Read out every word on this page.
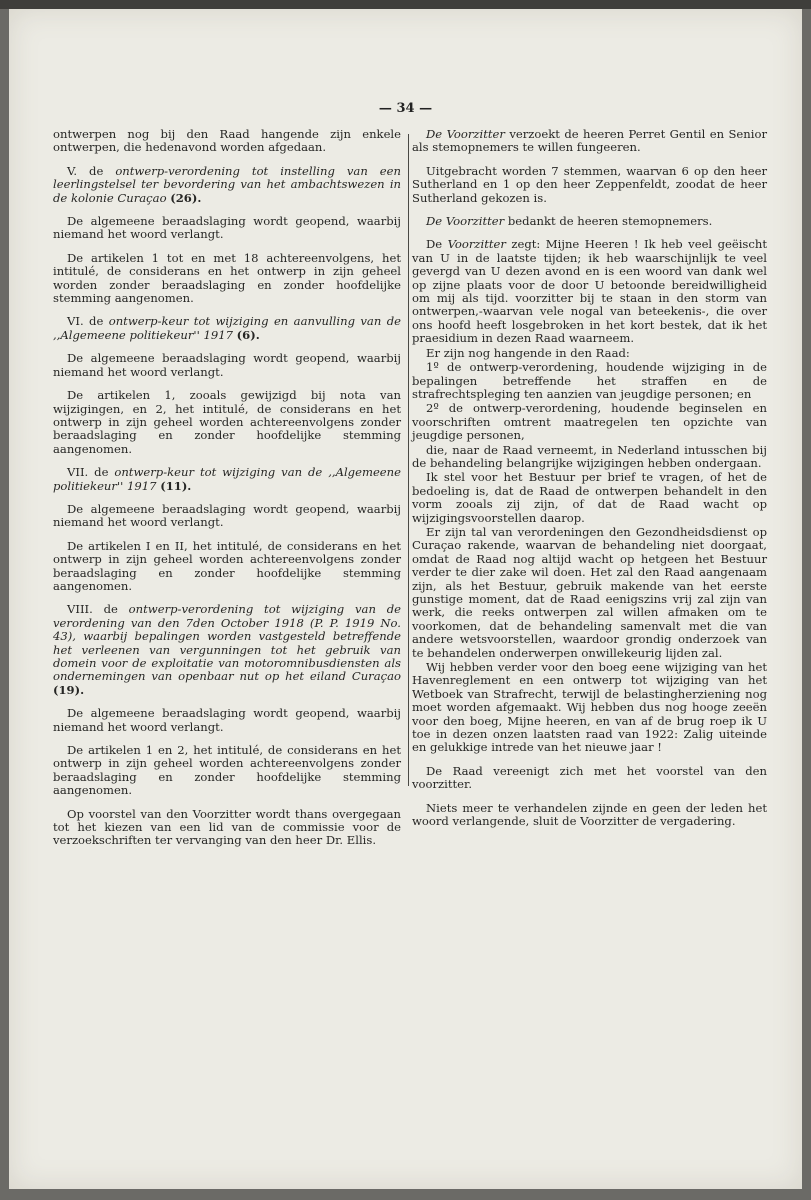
— 34 —

ontwerpen nog bij den Raad hangende zijn enkele ontwerpen, die hedenavond worden afgedaan.

V. de ontwerp-verordening tot instelling van een leerlingstelsel ter bevordering van het ambachtswezen in de kolonie Curaçao (26).

De algemeene beraadslaging wordt geopend, waarbij niemand het woord verlangt.

De artikelen 1 tot en met 18 achtereenvolgens, het intitulé, de considerans en het ontwerp in zijn geheel worden zonder beraadslaging en zonder hoofdelijke stemming aangenomen.

VI. de ontwerp-keur tot wijziging en aanvulling van de ,,Algemeene politiekeur'' 1917 (6).

De algemeene beraadslaging wordt geopend, waarbij niemand het woord verlangt.

De artikelen 1, zooals gewijzigd bij nota van wijzigingen, en 2, het intitulé, de considerans en het ontwerp in zijn geheel worden achtereenvolgens zonder beraadslaging en zonder hoofdelijke stemming aangenomen.

VII. de ontwerp-keur tot wijziging van de ,,Algemeene politiekeur'' 1917 (11).

De algemeene beraadslaging wordt geopend, waarbij niemand het woord verlangt.

De artikelen I en II, het intitulé, de considerans en het ontwerp in zijn geheel worden achtereenvolgens zonder beraadslaging en zonder hoofdelijke stemming aangenomen.

VIII. de ontwerp-verordening tot wijziging van de verordening van den 7den October 1918 (P. P. 1919 No. 43), waarbij bepalingen worden vastgesteld betreffende het verleenen van vergunningen tot het gebruik van domein voor de exploitatie van motoromnibusdiensten als ondernemingen van openbaar nut op het eiland Curaçao (19).

De algemeene beraadslaging wordt geopend, waarbij niemand het woord verlangt.

De artikelen 1 en 2, het intitulé, de considerans en het ontwerp in zijn geheel worden achtereenvolgens zonder beraadslaging en zonder hoofdelijke stemming aangenomen.

Op voorstel van den Voorzitter wordt thans overgegaan tot het kiezen van een lid van de commissie voor de verzoekschriften ter vervanging van den heer Dr. Ellis.

De Voorzitter verzoekt de heeren Perret Gentil en Senior als stemopnemers te willen fungeeren.

Uitgebracht worden 7 stemmen, waarvan 6 op den heer Sutherland en 1 op den heer Zeppenfeldt, zoodat de heer Sutherland gekozen is.

De Voorzitter bedankt de heeren stemopnemers.

De Voorzitter zegt: Mijne Heeren ! Ik heb veel geëischt van U in de laatste tijden; ik heb waarschijnlijk te veel gevergd van U dezen avond en is een woord van dank wel op zijne plaats voor de door U betoonde bereidwilligheid om mij als tijd. voorzitter bij te staan in den storm van ontwerpen,-waarvan vele nogal van beteekenis-, die over ons hoofd heeft losgebroken in het kort bestek, dat ik het praesidium in dezen Raad waarneem.

Er zijn nog hangende in den Raad:

1º de ontwerp-verordening, houdende wijziging in de bepalingen betreffende het straffen en de strafrechtspleging ten aanzien van jeugdige personen; en

2º de ontwerp-verordening, houdende beginselen en voorschriften omtrent maatregelen ten opzichte van jeugdige personen,

die, naar de Raad verneemt, in Nederland intusschen bij de behandeling belangrijke wijzigingen hebben ondergaan.

Ik stel voor het Bestuur per brief te vragen, of het de bedoeling is, dat de Raad de ontwerpen behandelt in den vorm zooals zij zijn, of dat de Raad wacht op wijzigingsvoorstellen daarop.

Er zijn tal van verordeningen den Gezondheidsdienst op Curaçao rakende, waarvan de behandeling niet doorgaat, omdat de Raad nog altijd wacht op hetgeen het Bestuur verder te dier zake wil doen. Het zal den Raad aangenaam zijn, als het Bestuur, gebruik makende van het eerste gunstige moment, dat de Raad eenigszins vrij zal zijn van werk, die reeks ontwerpen zal willen afmaken om te voorkomen, dat de behandeling samenvalt met die van andere wetsvoorstellen, waardoor grondig onderzoek van te behandelen onderwerpen onwillekeurig lijden zal.

Wij hebben verder voor den boeg eene wijziging van het Havenreglement en een ontwerp tot wijziging van het Wetboek van Strafrecht, terwijl de belastingherziening nog moet worden afgemaakt. Wij hebben dus nog hooge zeeën voor den boeg, Mijne heeren, en van af de brug roep ik U toe in dezen onzen laatsten raad van 1922: Zalig uiteinde en gelukkige intrede van het nieuwe jaar !

De Raad vereenigt zich met het voorstel van den voorzitter.

Niets meer te verhandelen zijnde en geen der leden het woord verlangende, sluit de Voorzitter de vergadering.
